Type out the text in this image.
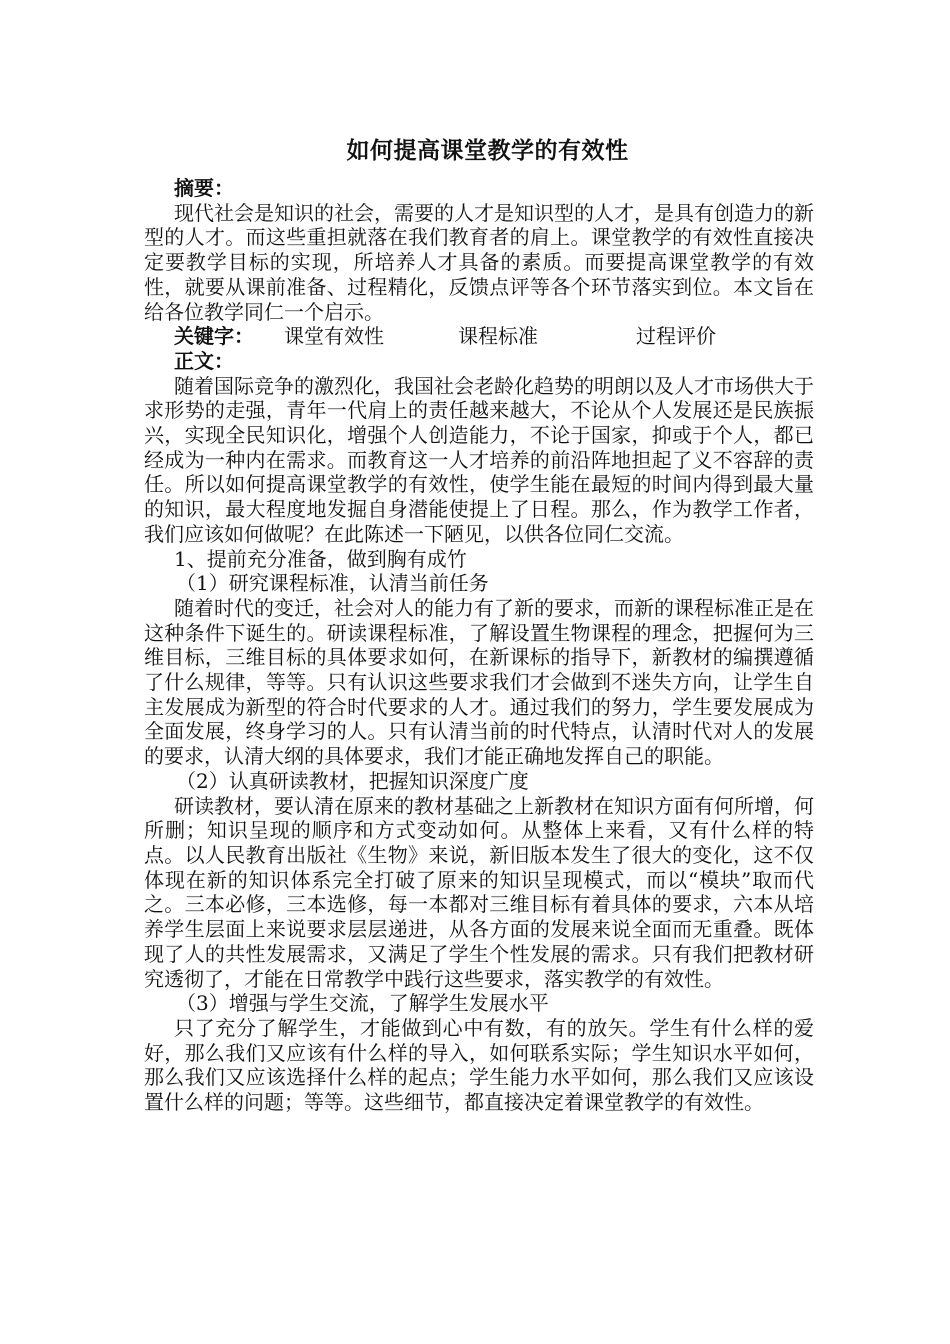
如何提高课堂教学的有效性

摘要：

现代社会是知识的社会，需要的人才是知识型的人才，是具有创造力的新型的人才。而这些重担就落在我们教育者的肩上。课堂教学的有效性直接决定要教学目标的实现，所培养人才具备的素质。而要提高课堂教学的有效性，就要从课前准备、过程精化，反馈点评等各个环节落实到位。本文旨在给各位教学同仁一个启示。

关键字： 课堂有效性	课程标准	过程评价

正文：

随着国际竞争的激烈化，我国社会老龄化趋势的明朗以及人才市场供大于求形势的走强，青年一代肩上的责任越来越大，不论从个人发展还是民族振兴，实现全民知识化，增强个人创造能力，不论于国家，抑或于个人，都已经成为一种内在需求。而教育这一人才培养的前沿阵地担起了义不容辞的责任。所以如何提高课堂教学的有效性，使学生能在最短的时间内得到最大量的知识，最大程度地发掘自身潜能使提上了日程。那么，作为教学工作者，我们应该如何做呢？在此陈述一下陋见，以供各位同仁交流。

1、提前充分准备，做到胸有成竹

（1）研究课程标准，认清当前任务

随着时代的变迁，社会对人的能力有了新的要求，而新的课程标准正是在这种条件下诞生的。研读课程标准，了解设置生物课程的理念，把握何为三维目标，三维目标的具体要求如何，在新课标的指导下，新教材的编撰遵循了什么规律，等等。只有认识这些要求我们才会做到不迷失方向，让学生自主发展成为新型的符合时代要求的人才。通过我们的努力，学生要发展成为全面发展，终身学习的人。只有认清当前的时代特点，认清时代对人的发展的要求，认清大纲的具体要求，我们才能正确地发挥自己的职能。

（2）认真研读教材，把握知识深度广度

研读教材，要认清在原来的教材基础之上新教材在知识方面有何所增，何所删；知识呈现的顺序和方式变动如何。从整体上来看，又有什么样的特点。以人民教育出版社《生物》来说，新旧版本发生了很大的变化，这不仅体现在新的知识体系完全打破了原来的知识呈现模式，而以“模块”取而代之。三本必修，三本选修，每一本都对三维目标有着具体的要求，六本从培养学生层面上来说要求层层递进，从各方面的发展来说全面而无重叠。既体现了人的共性发展需求，又满足了学生个性发展的需求。只有我们把教材研究透彻了，才能在日常教学中践行这些要求，落实教学的有效性。

（3）增强与学生交流，了解学生发展水平

只了充分了解学生，才能做到心中有数，有的放矢。学生有什么样的爱好，那么我们又应该有什么样的导入，如何联系实际；学生知识水平如何，那么我们又应该选择什么样的起点；学生能力水平如何，那么我们又应该设置什么样的问题；等等。这些细节，都直接决定着课堂教学的有效性。
